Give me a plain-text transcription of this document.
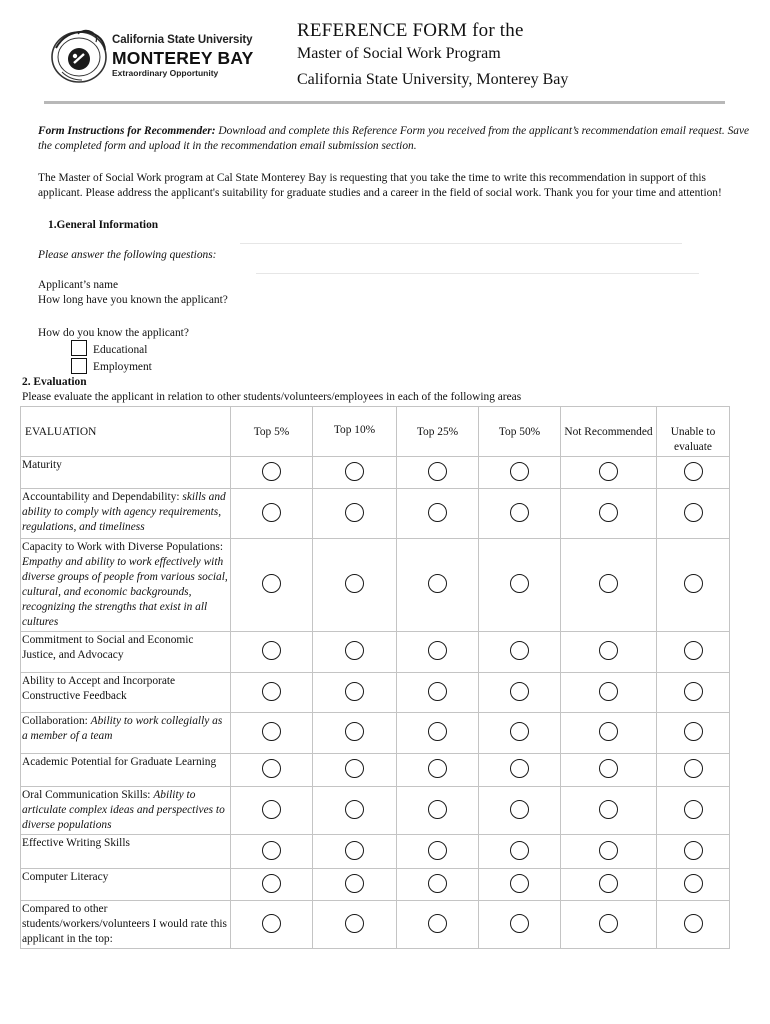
California State University
MONTEREY BAY
Extraordinary Opportunity
REFERENCE FORM for the
Master of Social Work Program
California State University, Monterey Bay
Form Instructions for Recommender: Download and complete this Reference Form you received from the applicant’s recommendation email request. Save the completed form and upload it in the recommendation email submission section.
The Master of Social Work program at Cal State Monterey Bay is requesting that you take the time to write this recommendation in support of this applicant. Please address the applicant's suitability for graduate studies and a career in the field of social work. Thank you for your time and attention!
1.General Information
Please answer the following questions:
Applicant’s name
How long have you known the applicant?
How do you know the applicant?
Educational
Employment
2. Evaluation
Please evaluate the applicant in relation to other students/volunteers/employees in each of the following areas
EVALUATION	Top 5%	Top 10%	Top 25%	Top 50%	Not Recommended	Unable to evaluate
Maturity						
Accountability and Dependability: skills and ability to comply with agency requirements, regulations, and timeliness						
Capacity to Work with Diverse Populations: Empathy and ability to work effectively with diverse groups of people from various social, cultural, and economic backgrounds, recognizing the strengths that exist in all cultures						
Commitment to Social and Economic Justice, and Advocacy						
Ability to Accept and Incorporate Constructive Feedback						
Collaboration: Ability to work collegially as a member of a team						
Academic Potential for Graduate Learning						
Oral Communication Skills: Ability to articulate complex ideas and perspectives to diverse populations						
Effective Writing Skills						
Computer Literacy						
Compared to other students/workers/volunteers I would rate this applicant in the top:						
